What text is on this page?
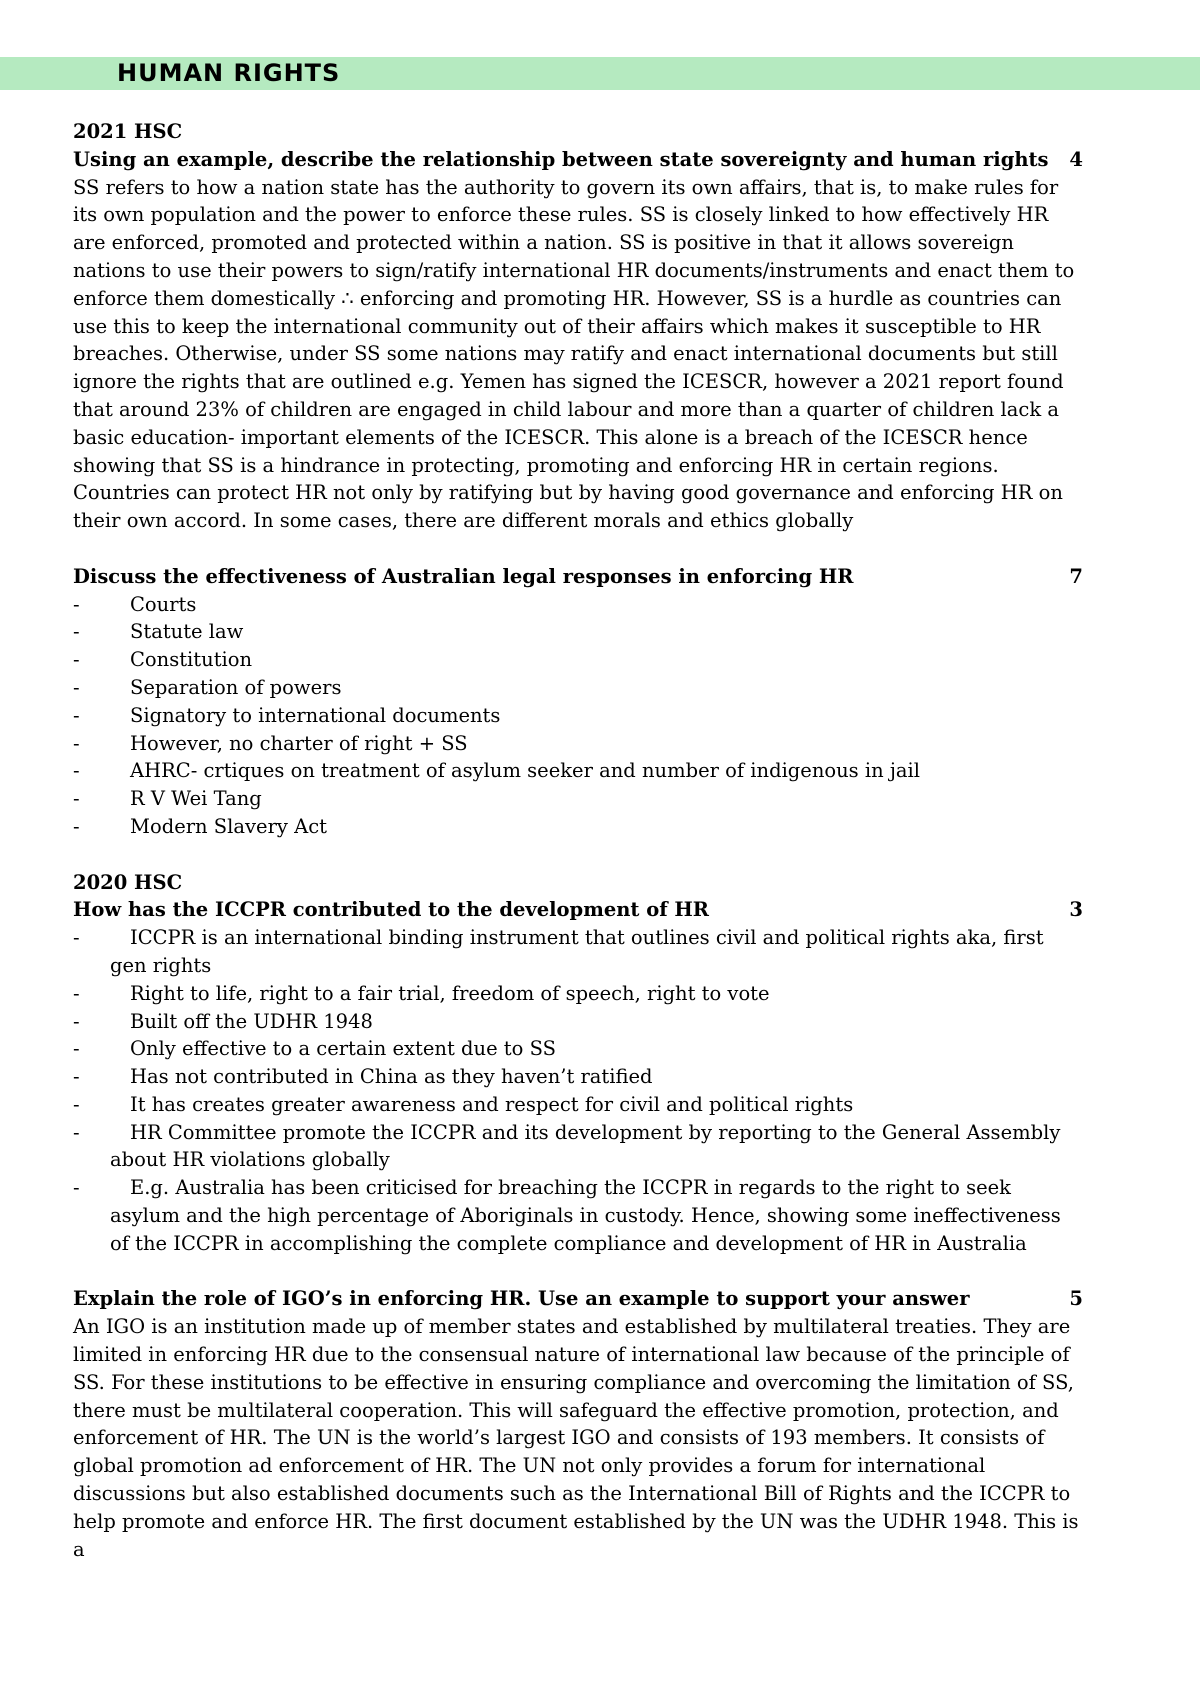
HUMAN RIGHTS
2021 HSC
Using an example, describe the relationship between state sovereignty and human rights 4

SS refers to how a nation state has the authority to govern its own affairs, that is, to make rules for its own population and the power to enforce these rules. SS is closely linked to how effectively HR are enforced, promoted and protected within a nation. SS is positive in that it allows sovereign nations to use their powers to sign/ratify international HR documents/instruments and enact them to enforce them domestically ∴ enforcing and promoting HR. However, SS is a hurdle as countries can use this to keep the international community out of their affairs which makes it susceptible to HR breaches. Otherwise, under SS some nations may ratify and enact international documents but still ignore the rights that are outlined e.g. Yemen has signed the ICESCR, however a 2021 report found that around 23% of children are engaged in child labour and more than a quarter of children lack a basic education- important elements of the ICESCR. This alone is a breach of the ICESCR hence showing that SS is a hindrance in protecting, promoting and enforcing HR in certain regions.

Countries can protect HR not only by ratifying but by having good governance and enforcing HR on their own accord. In some cases, there are different morals and ethics globally

Discuss the effectiveness of Australian legal responses in enforcing HR	7
- Courts
- Statute law
- Constitution
- Separation of powers
- Signatory to international documents
- However, no charter of right + SS
- AHRC- crtiques on treatment of asylum seeker and number of indigenous in jail
- R V Wei Tang
- Modern Slavery Act
2020 HSC
How has the ICCPR contributed to the development of HR	3
- ICCPR is an international binding instrument that outlines civil and political rights aka, first gen rights
- Right to life, right to a fair trial, freedom of speech, right to vote
- Built off the UDHR 1948
- Only effective to a certain extent due to SS
- Has not contributed in China as they haven’t ratified
- It has creates greater awareness and respect for civil and political rights
- HR Committee promote the ICCPR and its development by reporting to the General Assembly about HR violations globally
- E.g. Australia has been criticised for breaching the ICCPR in regards to the right to seek asylum and the high percentage of Aboriginals in custody. Hence, showing some ineffectiveness of the ICCPR in accomplishing the complete compliance and development of HR in Australia
Explain the role of IGO’s in enforcing HR. Use an example to support your answer	5

An IGO is an institution made up of member states and established by multilateral treaties. They are limited in enforcing HR due to the consensual nature of international law because of the principle of SS. For these institutions to be effective in ensuring compliance and overcoming the limitation of SS, there must be multilateral cooperation. This will safeguard the effective promotion, protection, and enforcement of HR. The UN is the world’s largest IGO and consists of 193 members. It consists of global promotion ad enforcement of HR. The UN not only provides a forum for international discussions but also established documents such as the International Bill of Rights and the ICCPR to help promote and enforce HR. The first document established by the UN was the UDHR 1948. This is a
